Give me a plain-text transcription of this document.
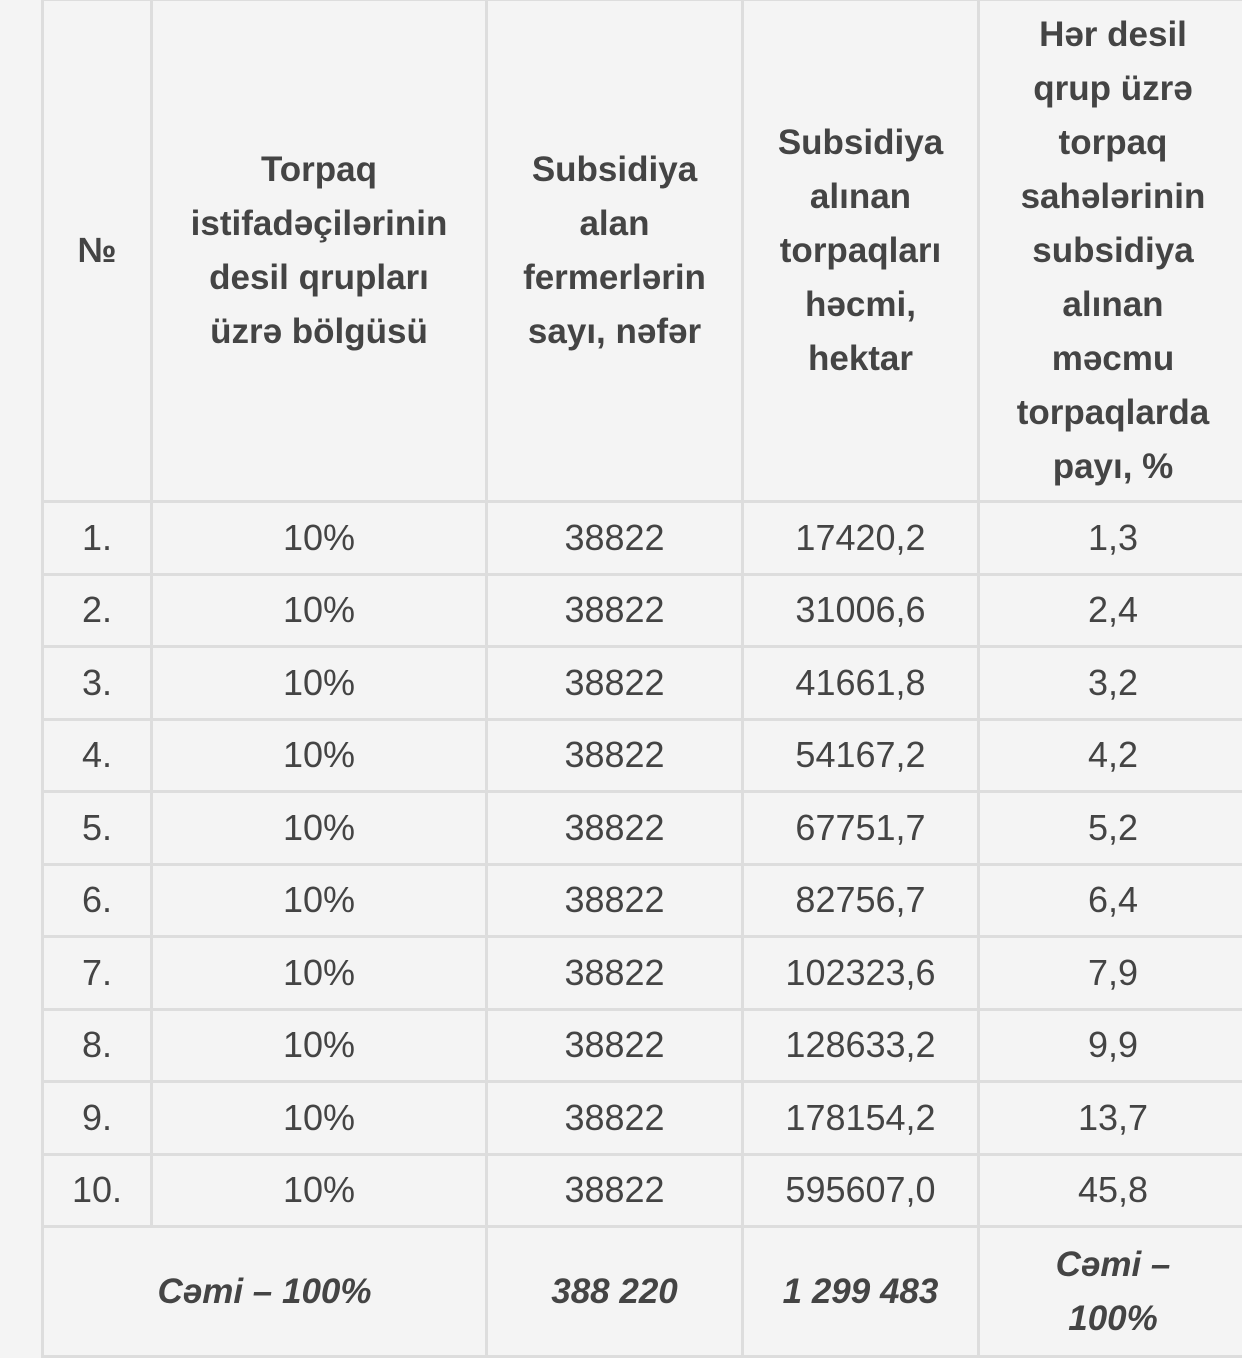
№	Torpaq istifadəçilərinin desil qrupları üzrə bölgüsü	Subsidiya alan fermerlərin sayı, nəfər	Subsidiya alınan torpaqları həcmi, hektar	Hər desil qrup üzrə torpaq sahələrinin subsidiya alınan məcmu torpaqlarda payı, %
1.	10%	38822	17420,2	1,3
2.	10%	38822	31006,6	2,4
3.	10%	38822	41661,8	3,2
4.	10%	38822	54167,2	4,2
5.	10%	38822	67751,7	5,2
6.	10%	38822	82756,7	6,4
7.	10%	38822	102323,6	7,9
8.	10%	38822	128633,2	9,9
9.	10%	38822	178154,2	13,7
10.	10%	38822	595607,0	45,8
Cəmi – 100%		388 220	1 299 483	Cəmi – 100%
